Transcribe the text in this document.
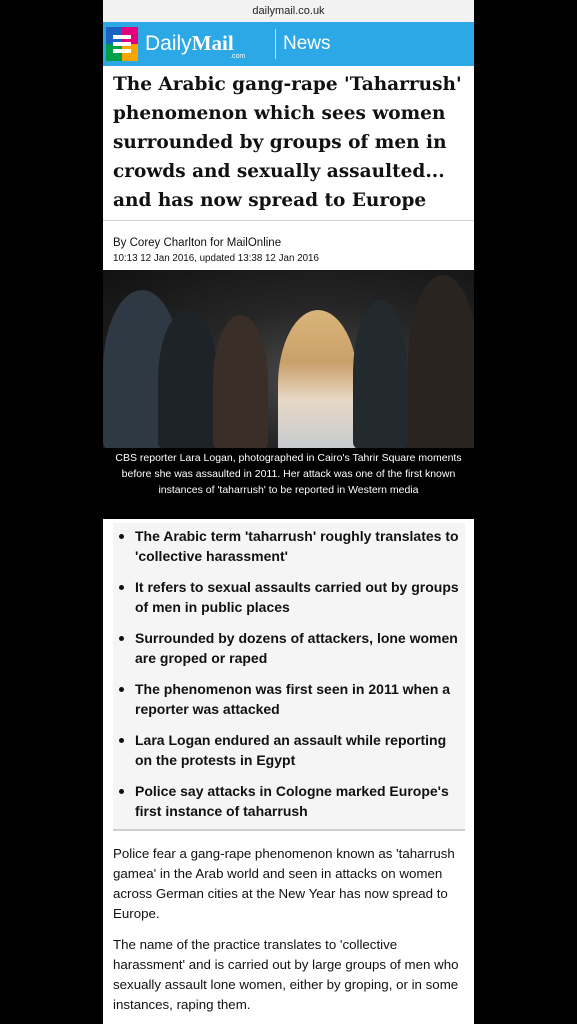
dailymail.co.uk
DailyMail
.com
News
The Arabic gang-rape 'Taharrush' phenomenon which sees women surrounded by groups of men in crowds and sexually assaulted... and has now spread to Europe
By Corey Charlton for MailOnline
10:13 12 Jan 2016, updated 13:38 12 Jan 2016
CBS reporter Lara Logan, photographed in Cairo's Tahrir Square moments before she was assaulted in 2011. Her attack was one of the first known instances of 'taharrush' to be reported in Western media
The Arabic term 'taharrush' roughly translates to 'collective harassment'
It refers to sexual assaults carried out by groups of men in public places
Surrounded by dozens of attackers, lone women are groped or raped
The phenomenon was first seen in 2011 when a reporter was attacked
Lara Logan endured an assault while reporting on the protests in Egypt
Police say attacks in Cologne marked Europe's first instance of taharrush

Police fear a gang-rape phenomenon known as 'taharrush gamea' in the Arab world and seen in attacks on women across German cities at the New Year has now spread to Europe.

The name of the practice translates to 'collective harassment' and is carried out by large groups of men who sexually assault lone women, either by groping, or in some instances, raping them.
